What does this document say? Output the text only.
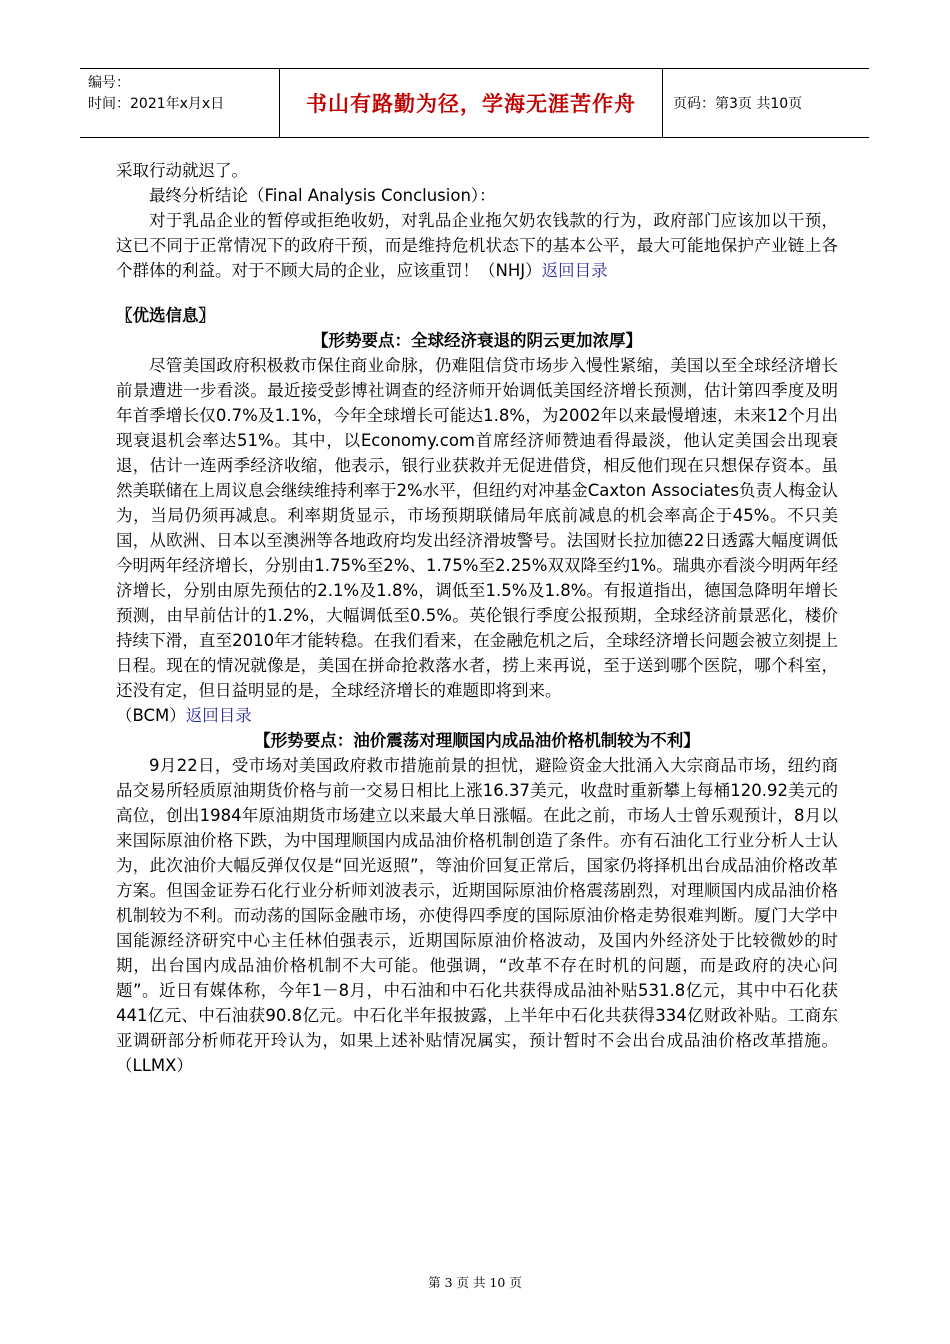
编号：
时间：2021年x月x日	书山有路勤为径，学海无涯苦作舟	页码：第3页 共10页

采取行动就迟了。

最终分析结论（Final Analysis Conclusion）：

对于乳品企业的暂停或拒绝收奶，对乳品企业拖欠奶农钱款的行为，政府部门应该加以干预，这已不同于正常情况下的政府干预，而是维持危机状态下的基本公平，最大可能地保护产业链上各个群体的利益。对于不顾大局的企业，应该重罚！（NHJ）返回目录

〖优选信息〗

【形势要点：全球经济衰退的阴云更加浓厚】

尽管美国政府积极救市保住商业命脉，仍难阻信贷市场步入慢性紧缩，美国以至全球经济增长前景遭进一步看淡。最近接受彭博社调查的经济师开始调低美国经济增长预测，估计第四季度及明年首季增长仅0.7%及1.1%，今年全球增长可能达1.8%，为2002年以来最慢增速，未来12个月出现衰退机会率达51%。其中，以Economy.com首席经济师赞迪看得最淡，他认定美国会出现衰退，估计一连两季经济收缩，他表示，银行业获救并无促进借贷，相反他们现在只想保存资本。虽然美联储在上周议息会继续维持利率于2%水平，但纽约对冲基金Caxton Associates负责人梅金认为，当局仍须再减息。利率期货显示，市场预期联储局年底前减息的机会率高企于45%。不只美国，从欧洲、日本以至澳洲等各地政府均发出经济滑坡警号。法国财长拉加德22日透露大幅度调低今明两年经济增长，分别由1.75%至2%、1.75%至2.25%双双降至约1%。瑞典亦看淡今明两年经济增长，分别由原先预估的2.1%及1.8%，调低至1.5%及1.8%。有报道指出，德国急降明年增长预测，由早前估计的1.2%，大幅调低至0.5%。英伦银行季度公报预期，全球经济前景恶化，楼价持续下滑，直至2010年才能转稳。在我们看来，在金融危机之后，全球经济增长问题会被立刻提上日程。现在的情况就像是，美国在拼命抢救落水者，捞上来再说，至于送到哪个医院，哪个科室，还没有定，但日益明显的是，全球经济增长的难题即将到来。

（BCM）返回目录

【形势要点：油价震荡对理顺国内成品油价格机制较为不利】

9月22日，受市场对美国政府救市措施前景的担忧，避险资金大批涌入大宗商品市场，纽约商品交易所轻质原油期货价格与前一交易日相比上涨16.37美元，收盘时重新攀上每桶120.92美元的高位，创出1984年原油期货市场建立以来最大单日涨幅。在此之前，市场人士曾乐观预计，8月以来国际原油价格下跌，为中国理顺国内成品油价格机制创造了条件。亦有石油化工行业分析人士认为，此次油价大幅反弹仅仅是“回光返照”，等油价回复正常后，国家仍将择机出台成品油价格改革方案。但国金证券石化行业分析师刘波表示，近期国际原油价格震荡剧烈，对理顺国内成品油价格机制较为不利。而动荡的国际金融市场，亦使得四季度的国际原油价格走势很难判断。厦门大学中国能源经济研究中心主任林伯强表示，近期国际原油价格波动，及国内外经济处于比较微妙的时期，出台国内成品油价格机制不大可能。他强调，“改革不存在时机的问题，而是政府的决心问题”。近日有媒体称，今年1－8月，中石油和中石化共获得成品油补贴531.8亿元，其中中石化获441亿元、中石油获90.8亿元。中石化半年报披露，上半年中石化共获得334亿财政补贴。工商东亚调研部分析师花开玲认为，如果上述补贴情况属实，预计暂时不会出台成品油价格改革措施。（LLMX）

第 3 页 共 10 页
